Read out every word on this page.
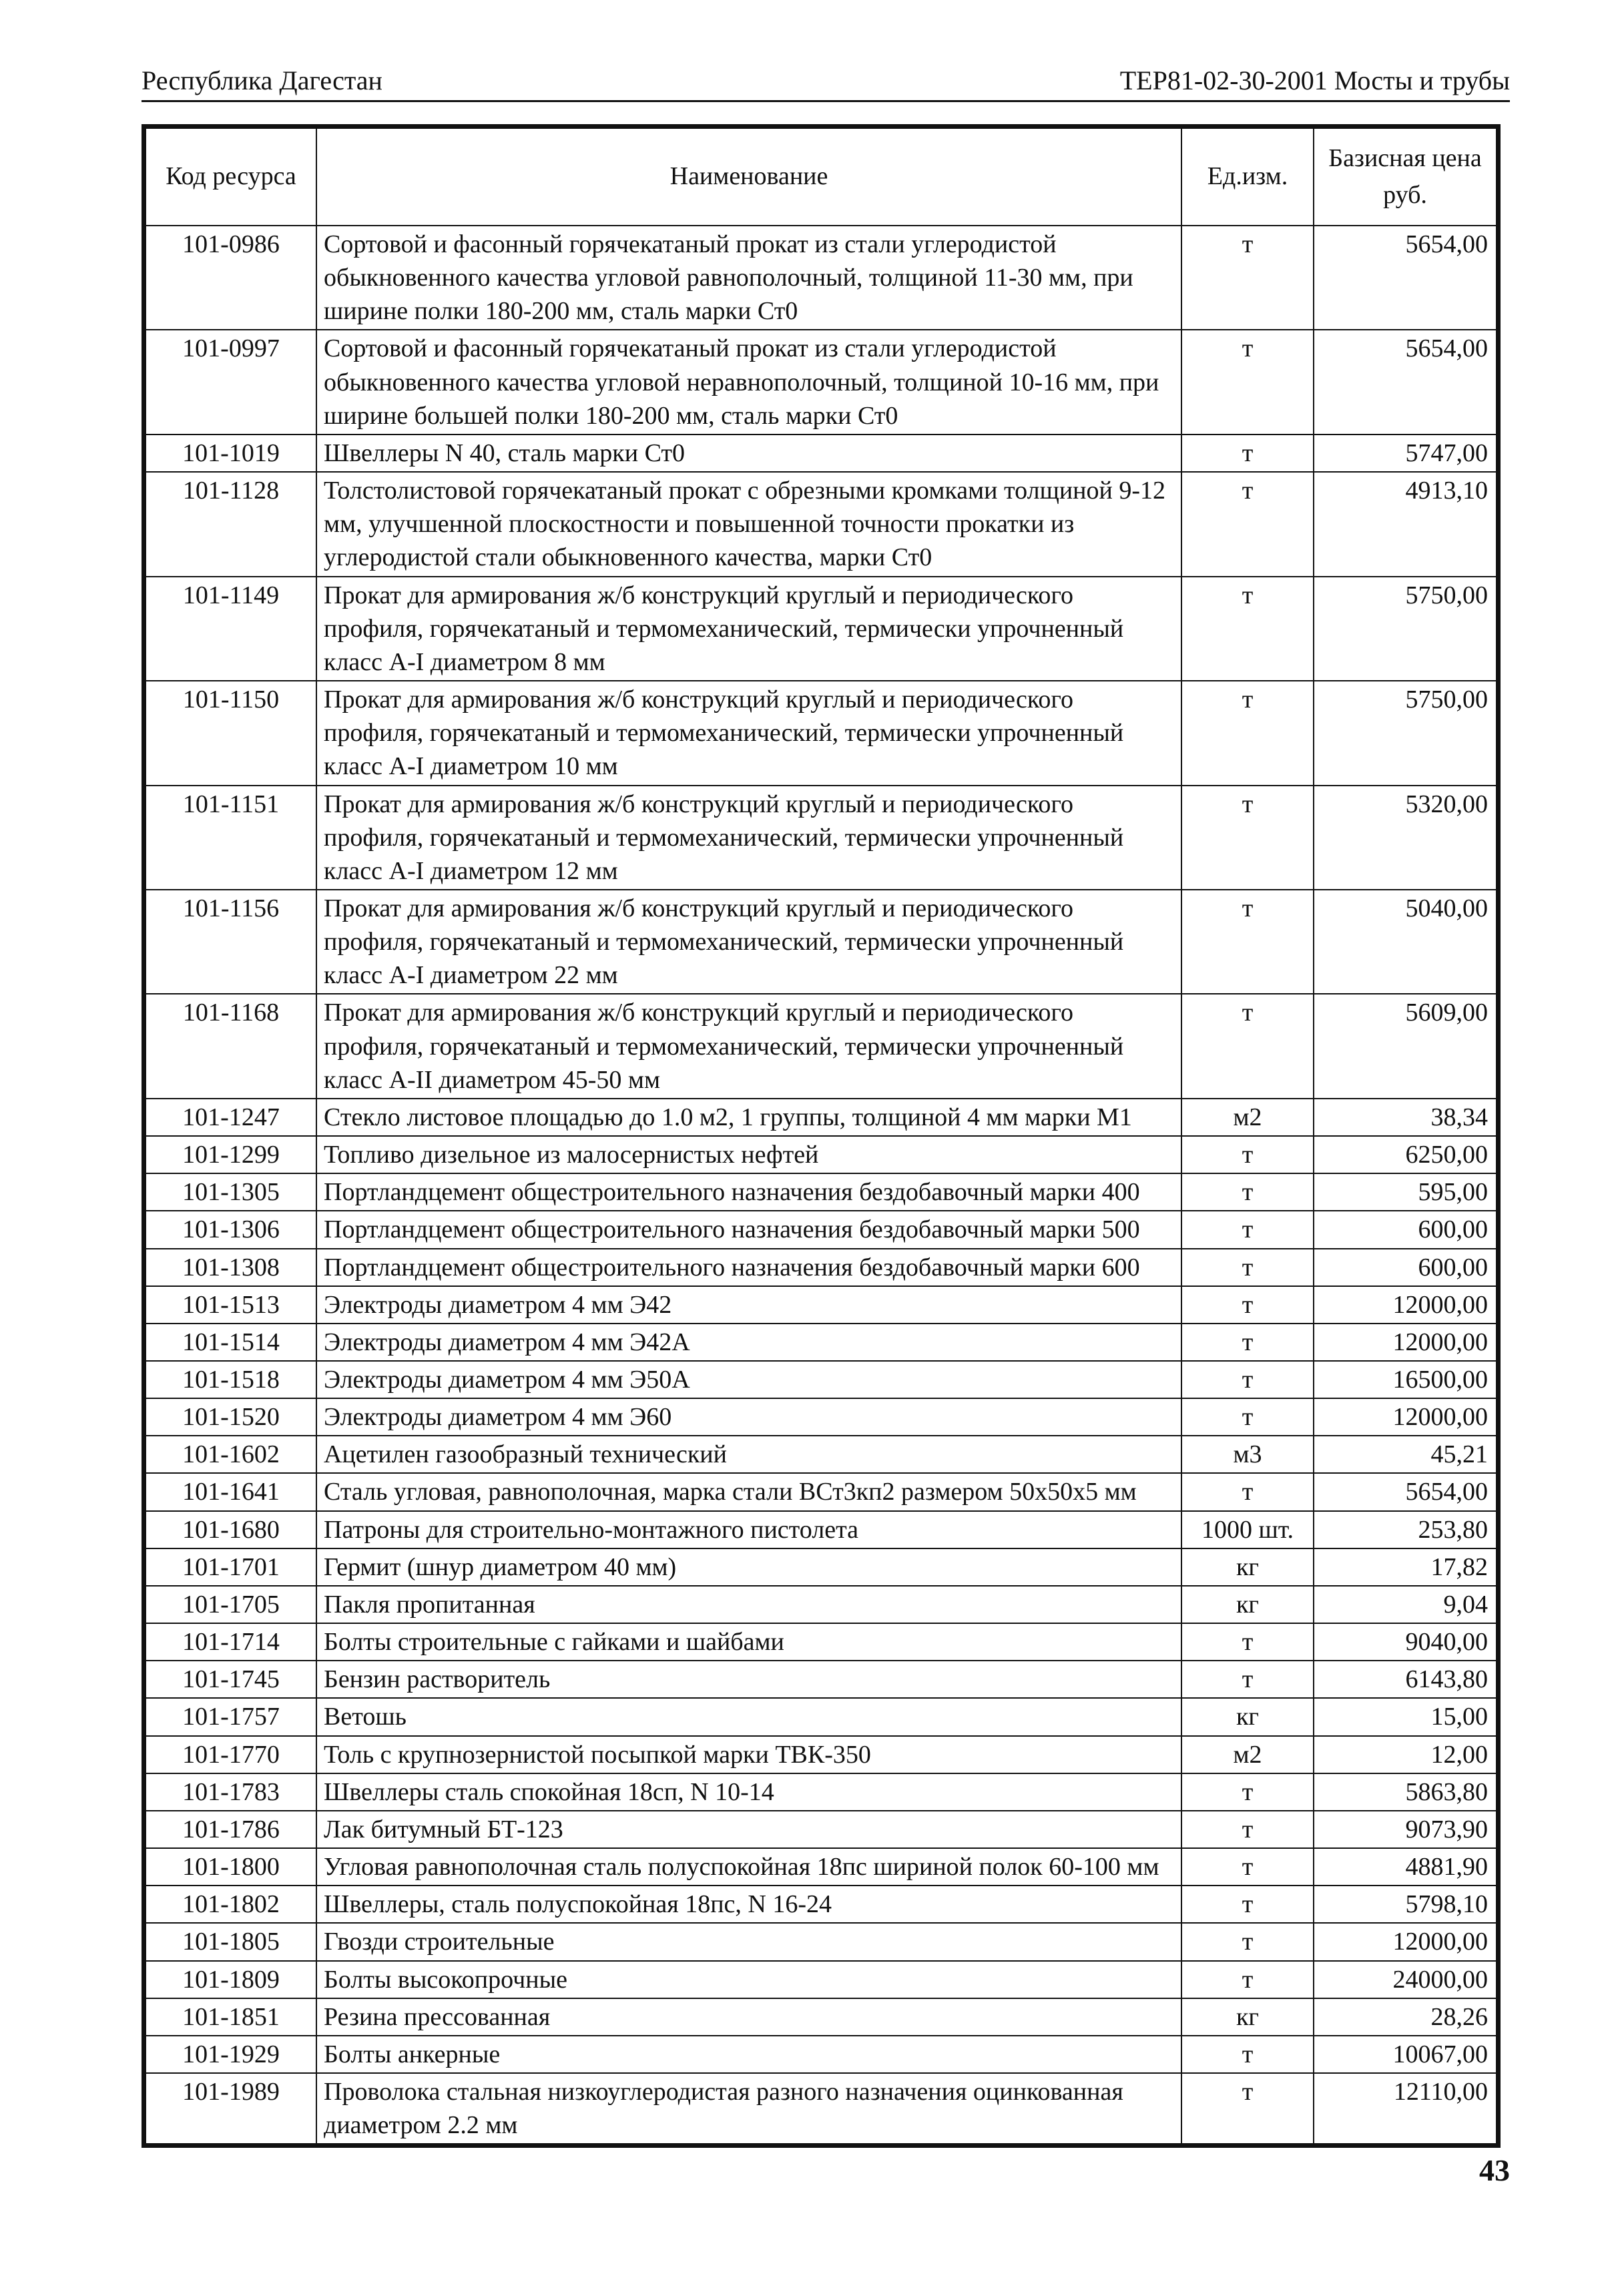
Республика Дагестан	ТЕР81-02-30-2001 Мосты и трубы
Код ресурса	Наименование	Ед.изм.	Базисная цена
руб.
101-0986	Сортовой и фасонный горячекатаный прокат из стали углеродистой обыкновенного качества угловой равнополочный, толщиной 11-30 мм, при ширине полки 180-200 мм, сталь марки Ст0	т	5654,00
101-0997	Сортовой и фасонный горячекатаный прокат из стали углеродистой обыкновенного качества угловой неравнополочный, толщиной 10-16 мм, при ширине большей полки 180-200 мм, сталь марки Ст0	т	5654,00
101-1019	Швеллеры N 40, сталь марки Ст0	т	5747,00
101-1128	Толстолистовой горячекатаный прокат с обрезными кромками толщиной 9-12 мм, улучшенной плоскостности и повышенной точности прокатки из углеродистой стали обыкновенного качества, марки Ст0	т	4913,10
101-1149	Прокат для армирования ж/б конструкций круглый и периодического профиля, горячекатаный и термомеханический, термически упрочненный класс А-I диаметром 8 мм	т	5750,00
101-1150	Прокат для армирования ж/б конструкций круглый и периодического профиля, горячекатаный и термомеханический, термически упрочненный класс А-I диаметром 10 мм	т	5750,00
101-1151	Прокат для армирования ж/б конструкций круглый и периодического профиля, горячекатаный и термомеханический, термически упрочненный класс А-I диаметром 12 мм	т	5320,00
101-1156	Прокат для армирования ж/б конструкций круглый и периодического профиля, горячекатаный и термомеханический, термически упрочненный класс А-I диаметром 22 мм	т	5040,00
101-1168	Прокат для армирования ж/б конструкций круглый и периодического профиля, горячекатаный и термомеханический, термически упрочненный класс А-II диаметром 45-50 мм	т	5609,00
101-1247	Стекло листовое площадью до 1.0 м2, 1 группы, толщиной 4 мм марки М1	м2	38,34
101-1299	Топливо дизельное из малосернистых нефтей	т	6250,00
101-1305	Портландцемент общестроительного назначения бездобавочный марки 400	т	595,00
101-1306	Портландцемент общестроительного назначения бездобавочный марки 500	т	600,00
101-1308	Портландцемент общестроительного назначения бездобавочный марки 600	т	600,00
101-1513	Электроды диаметром 4 мм Э42	т	12000,00
101-1514	Электроды диаметром 4 мм Э42А	т	12000,00
101-1518	Электроды диаметром 4 мм Э50А	т	16500,00
101-1520	Электроды диаметром 4 мм Э60	т	12000,00
101-1602	Ацетилен газообразный технический	м3	45,21
101-1641	Сталь угловая, равнополочная, марка стали ВСт3кп2 размером 50х50х5 мм	т	5654,00
101-1680	Патроны для строительно-монтажного пистолета	1000 шт.	253,80
101-1701	Гермит (шнур диаметром 40 мм)	кг	17,82
101-1705	Пакля пропитанная	кг	9,04
101-1714	Болты строительные с гайками и шайбами	т	9040,00
101-1745	Бензин растворитель	т	6143,80
101-1757	Ветошь	кг	15,00
101-1770	Толь с крупнозернистой посыпкой марки ТВК-350	м2	12,00
101-1783	Швеллеры сталь спокойная 18сп, N 10-14	т	5863,80
101-1786	Лак битумный БТ-123	т	9073,90
101-1800	Угловая равнополочная сталь полуспокойная 18пс шириной полок 60-100 мм	т	4881,90
101-1802	Швеллеры, сталь полуспокойная 18пс, N 16-24	т	5798,10
101-1805	Гвозди строительные	т	12000,00
101-1809	Болты высокопрочные	т	24000,00
101-1851	Резина прессованная	кг	28,26
101-1929	Болты анкерные	т	10067,00
101-1989	Проволока стальная низкоуглеродистая разного назначения оцинкованная диаметром 2.2 мм	т	12110,00
43
